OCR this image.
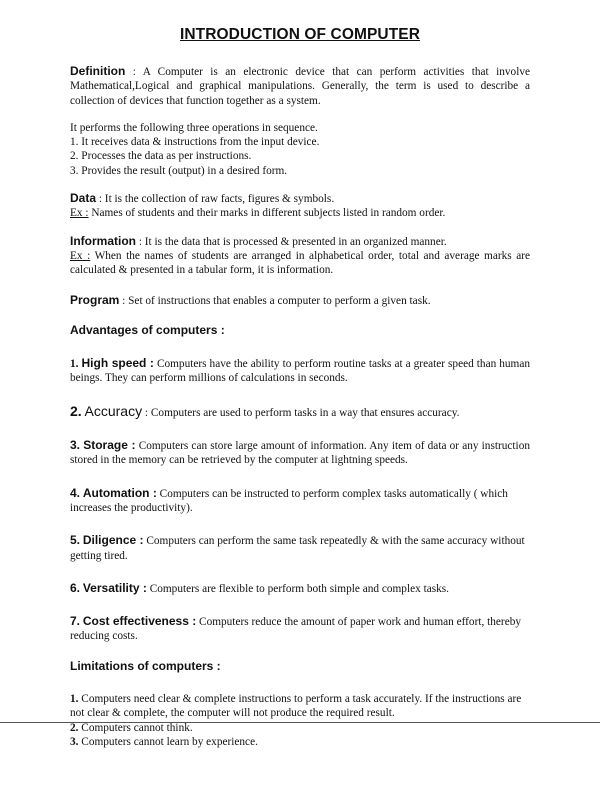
INTRODUCTION OF COMPUTER

Definition : A Computer is an electronic device that can perform activities that involve Mathematical,Logical and graphical manipulations. Generally, the term is used to describe a collection of devices that function together as a system.

It performs the following three operations in sequence.

1. It receives data & instructions from the input device.

2. Processes the data as per instructions.

3. Provides the result (output) in a desired form.

Data : It is the collection of raw facts, figures & symbols.

Ex : Names of students and their marks in different subjects listed in random order.

Information : It is the data that is processed & presented in an organized manner.

Ex : When the names of students are arranged in alphabetical order, total and average marks are calculated & presented in a tabular form, it is information.

Program : Set of instructions that enables a computer to perform a given task.

Advantages of computers :

1. High speed : Computers have the ability to perform routine tasks at a greater speed than human beings. They can perform millions of calculations in seconds.

2. Accuracy : Computers are used to perform tasks in a way that ensures accuracy.

3. Storage : Computers can store large amount of information. Any item of data or any instruction stored in the memory can be retrieved by the computer at lightning speeds.

4. Automation : Computers can be instructed to perform complex tasks automatically ( which increases the productivity).

5. Diligence : Computers can perform the same task repeatedly & with the same accuracy without getting tired.

6. Versatility : Computers are flexible to perform both simple and complex tasks.

7. Cost effectiveness : Computers reduce the amount of paper work and human effort, thereby reducing costs.

Limitations of computers :

1. Computers need clear & complete instructions to perform a task accurately. If the instructions are not clear & complete, the computer will not produce the required result.

2. Computers cannot think.

3. Computers cannot learn by experience.
